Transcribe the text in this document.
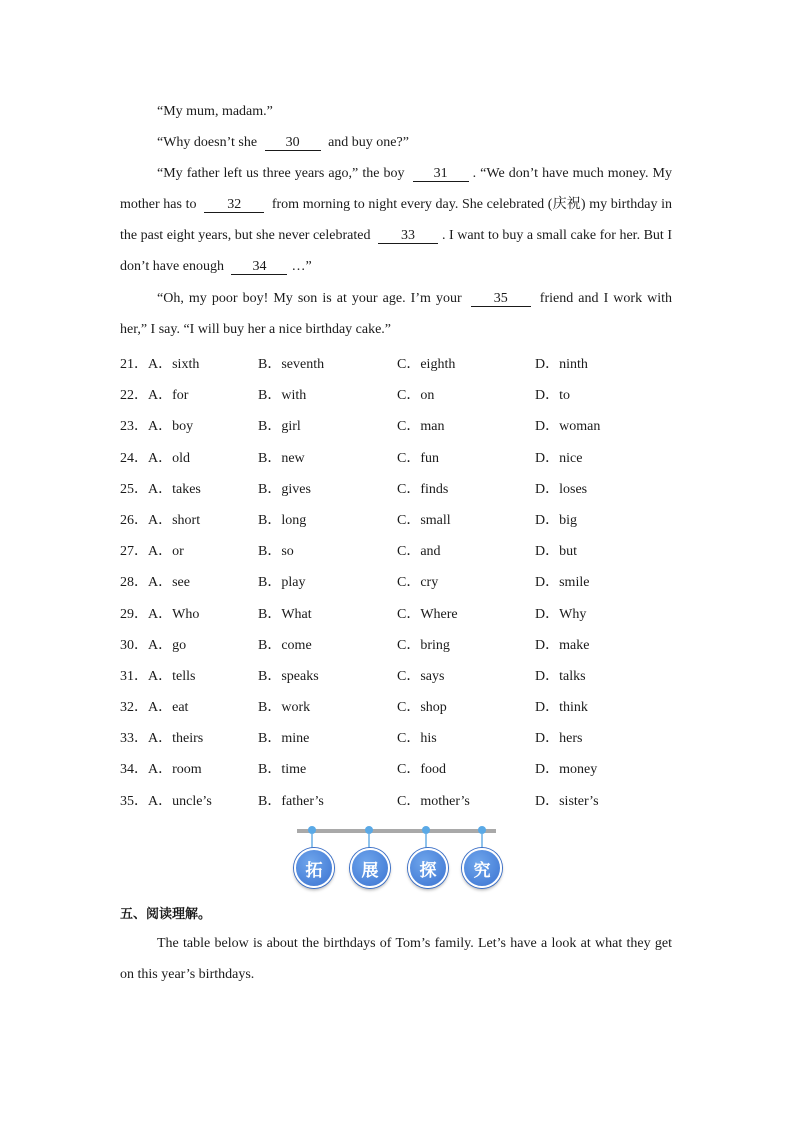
“My mum, madam.”

“Why doesn’t she 30 and buy one?”

“My father left us three years ago,” the boy 31 . “We don’t have much money. My mother has to 32 from morning to night every day. She celebrated (庆祝) my birthday in the past eight years, but she never celebrated 33 . I want to buy a small cake for her. But I don’t have enough 34 …”

“Oh, my poor boy! My son is at your age. I’m your 35 friend and I work with her,” I say. “I will buy her a nice birthday cake.”

21．A．sixth	B．seventh	C．eighth	D．ninth
22．A．for	B．with	C．on	D．to
23．A．boy	B．girl	C．man	D．woman
24．A．old	B．new	C．fun	D．nice
25．A．takes	B．gives	C．finds	D．loses
26．A．short	B．long	C．small	D．big
27．A．or	B．so	C．and	D．but
28．A．see	B．play	C．cry	D．smile
29．A．Who	B．What	C．Where	D．Why
30．A．go	B．come	C．bring	D．make
31．A．tells	B．speaks	C．says	D．talks
32．A．eat	B．work	C．shop	D．think
33．A．theirs	B．mine	C．his	D．hers
34．A．room	B．time	C．food	D．money
35．A．uncle’s	B．father’s	C．mother’s	D．sister’s
拓	展	探	究
五、阅读理解。

The table below is about the birthdays of Tom’s family. Let’s have a look at what they get on this year’s birthdays.
